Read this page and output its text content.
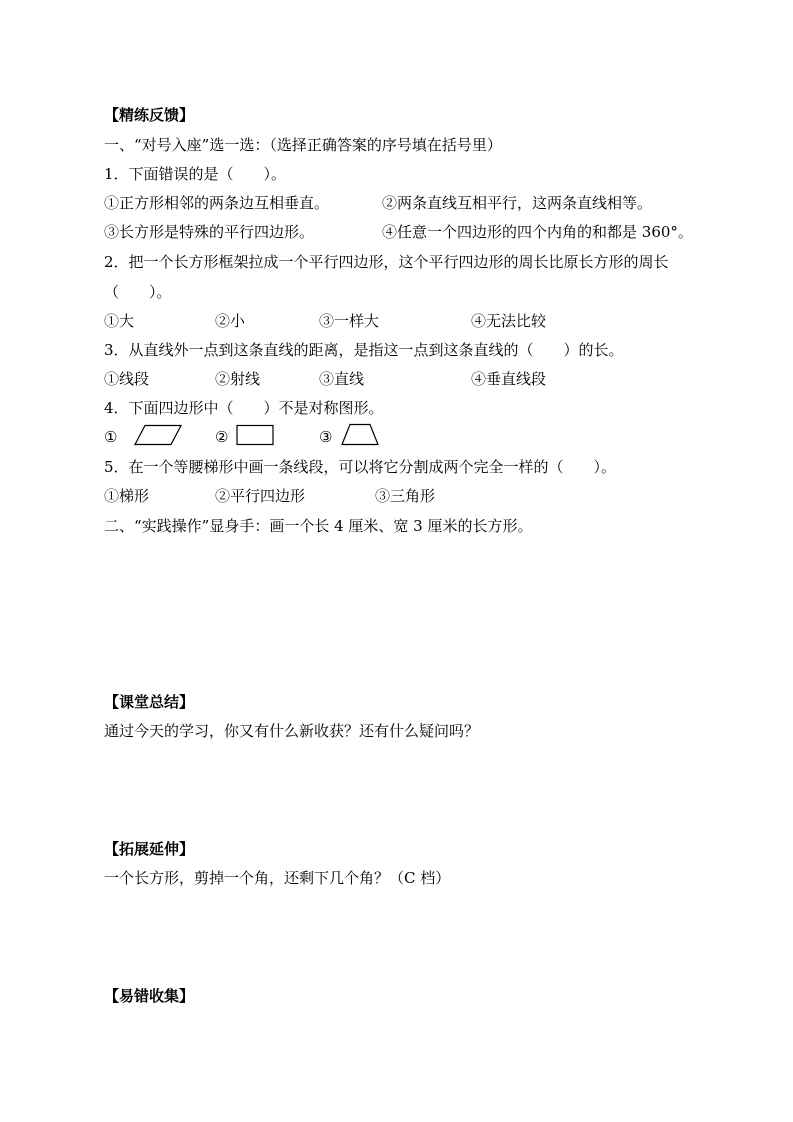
【精练反馈】
一、“对号入座”选一选：（选择正确答案的序号填在括号里）
1．下面错误的是（　　）。
①正方形相邻的两条边互相垂直。	②两条直线互相平行，这两条直线相等。
③长方形是特殊的平行四边形。	④任意一个四边形的四个内角的和都是 360°。
2．把一个长方形框架拉成一个平行四边形，这个平行四边形的周长比原长方形的周长
（　　）。
①大	②小	③一样大	④无法比较
3．从直线外一点到这条直线的距离，是指这一点到这条直线的（　　）的长。
①线段	②射线	③直线	④垂直线段
4．下面四边形中（　　）不是对称图形。
①	②	③
5．在一个等腰梯形中画一条线段，可以将它分割成两个完全一样的（　　）。
①梯形	②平行四边形	③三角形
二、“实践操作”显身手：画一个长 4 厘米、宽 3 厘米的长方形。
【课堂总结】
通过今天的学习，你又有什么新收获？还有什么疑问吗？
【拓展延伸】
一个长方形，剪掉一个角，还剩下几个角？（C 档）
【易错收集】
